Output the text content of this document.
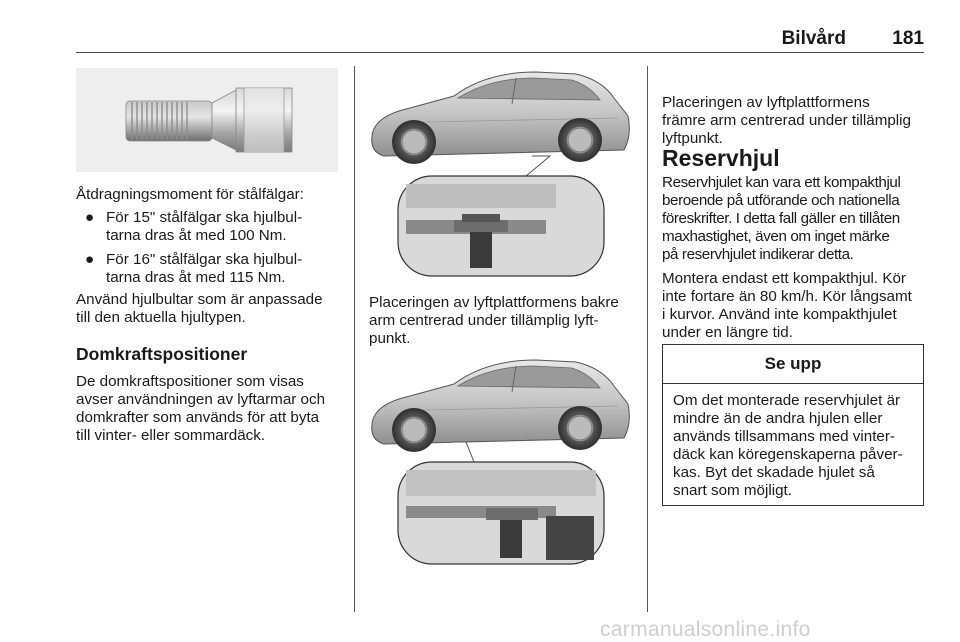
Bilvård 181

Åtdragningsmoment för stålfälgar:

● För 15" stålfälgar ska hjulbul-
tarna dras åt med 100 Nm.
● För 16" stålfälgar ska hjulbul-
tarna dras åt med 115 Nm.

Använd hjulbultar som är anpassade
till den aktuella hjultypen.

Domkraftspositioner

De domkraftspositioner som visas
avser användningen av lyftarmar och
domkrafter som används för att byta
till vinter- eller sommardäck.

Placeringen av lyftplattformens bakre
arm centrerad under tillämplig lyft-
punkt.

Placeringen av lyftplattformens
främre arm centrerad under tillämplig
lyftpunkt.

Reservhjul

Reservhjulet kan vara ett kompakthjul
beroende på utförande och nationella
föreskrifter. I detta fall gäller en tillåten
maxhastighet, även om inget märke
på reservhjulet indikerar detta.

Montera endast ett kompakthjul. Kör
inte fortare än 80 km/h. Kör långsamt
i kurvor. Använd inte kompakthjulet
under en längre tid.

Se upp
Om det monterade reservhjulet är
mindre än de andra hjulen eller
används tillsammans med vinter-
däck kan köregenskaperna påver-
kas. Byt det skadade hjulet så
snart som möjligt.
carmanualsonline.info
